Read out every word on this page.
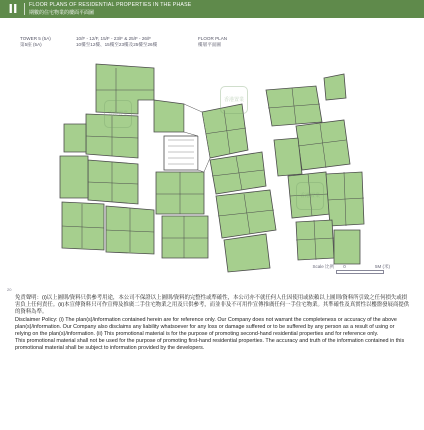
II	FLOOR PLANS OF RESIDENTIAL PROPERTIES IN THE PHASE
期數的住宅物業的樓面平面圖
TOWER 5 (5A)
第5座 (5A)
10/F - 12/F, 15/F - 23/F & 25/F - 26/F
10樓至12樓、15樓至23樓及25樓至26樓
FLOOR PLAN
樓層平面圖
香港置業
香港置業
香港置業
Scale 比例 0	5M (米)
20

免責聲明：(i)以上圖則/資料只供參考用途，本公司不保證以上圖則/資料的完整性或準確性，本公司亦不就任何人仕因使用或依賴以上圖則/資料所引致之任何損失或損害負上任何責任。(ii)本宣傳資料只可作宣傳及推廣二手住宅物業之用及只供參考，而並非及不可用作宣傳推廣任何一手住宅物業。其準確性及真實性以樓盤發展商提供的資料為準。

Disclaimer Policy: (i) The plan(s)/information contained herein are for reference only. Our Company does not warrant the completeness or accuracy of the above plan(s)/information. Our Company also disclaims any liability whatsoever for any loss or damage suffered or to be suffered by any person as a result of using or relying on the plan(s)/information. (ii) This promotional material is for the purpose of promoting second-hand residential properties and for reference only.

This promotional material shall not be used for the purpose of promoting first-hand residential properties. The accuracy and truth of the information contained in this promotional material shall be subject to information provided by the developers.
